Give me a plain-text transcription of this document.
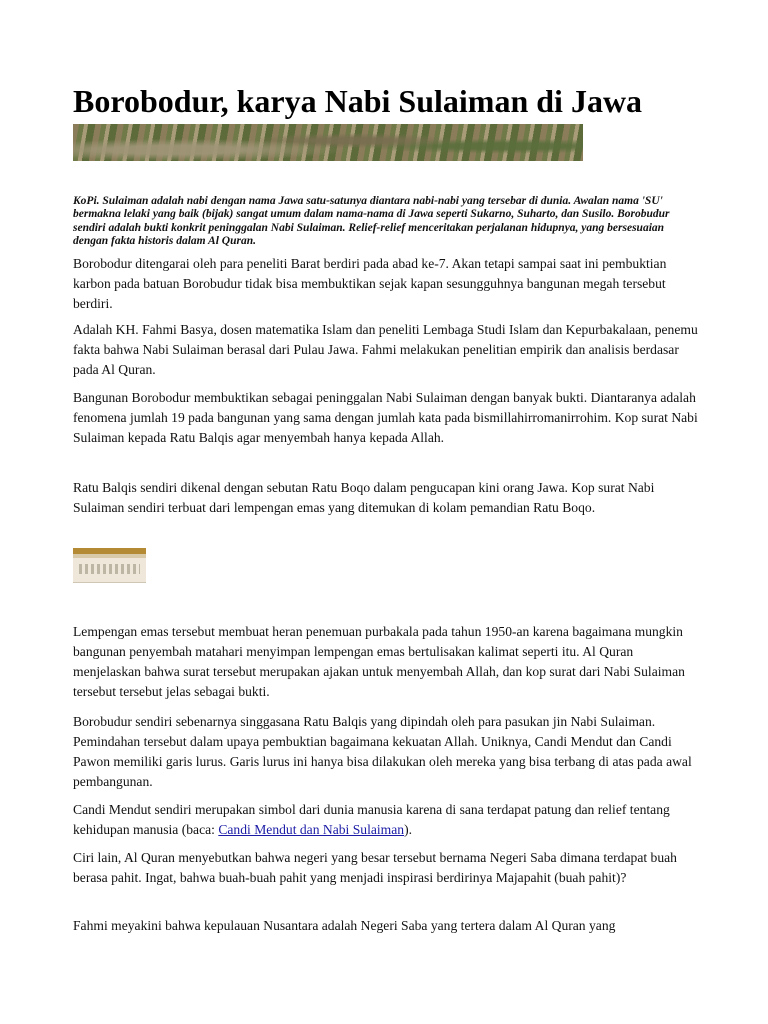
Borobodur, karya Nabi Sulaiman di Jawa

KoPi. Sulaiman adalah nabi dengan nama Jawa satu-satunya diantara nabi-nabi yang tersebar di dunia. Awalan nama 'SU' bermakna lelaki yang baik (bijak) sangat umum dalam nama-nama di Jawa seperti Sukarno, Suharto, dan Susilo. Borobudur sendiri adalah bukti konkrit peninggalan Nabi Sulaiman. Relief-relief menceritakan perjalanan hidupnya, yang bersesuaian dengan fakta historis dalam Al Quran.

Borobodur ditengarai oleh para peneliti Barat berdiri pada abad ke-7. Akan tetapi sampai saat ini pembuktian karbon pada batuan Borobudur tidak bisa membuktikan sejak kapan sesungguhnya bangunan megah tersebut berdiri.

Adalah KH. Fahmi Basya, dosen matematika Islam dan peneliti Lembaga Studi Islam dan Kepurbakalaan, penemu fakta bahwa Nabi Sulaiman berasal dari Pulau Jawa. Fahmi melakukan penelitian empirik dan analisis berdasar pada Al Quran.

Bangunan Borobodur membuktikan sebagai peninggalan Nabi Sulaiman dengan banyak bukti. Diantaranya adalah fenomena jumlah 19 pada bangunan yang sama dengan jumlah kata pada bismillahirromanirrohim. Kop surat Nabi Sulaiman kepada Ratu Balqis agar menyembah hanya kepada Allah.

Ratu Balqis sendiri dikenal dengan sebutan Ratu Boqo dalam pengucapan kini orang Jawa. Kop surat Nabi Sulaiman sendiri terbuat dari lempengan emas yang ditemukan di kolam pemandian Ratu Boqo.

Lempengan emas tersebut membuat heran penemuan purbakala pada tahun 1950-an karena bagaimana mungkin bangunan penyembah matahari menyimpan lempengan emas bertulisakan kalimat seperti itu. Al Quran menjelaskan bahwa surat tersebut merupakan ajakan untuk menyembah Allah, dan kop surat dari Nabi Sulaiman tersebut tersebut jelas sebagai bukti.

Borobudur sendiri sebenarnya singgasana Ratu Balqis yang dipindah oleh para pasukan jin Nabi Sulaiman. Pemindahan tersebut dalam upaya pembuktian bagaimana kekuatan Allah. Uniknya, Candi Mendut dan Candi Pawon memiliki garis lurus. Garis lurus ini hanya bisa dilakukan oleh mereka yang bisa terbang di atas pada awal pembangunan.

Candi Mendut sendiri merupakan simbol dari dunia manusia karena di sana terdapat patung dan relief tentang kehidupan manusia (baca: Candi Mendut dan Nabi Sulaiman).

Ciri lain, Al Quran menyebutkan bahwa negeri yang besar tersebut bernama Negeri Saba dimana terdapat buah berasa pahit. Ingat, bahwa buah-buah pahit yang menjadi inspirasi berdirinya Majapahit (buah pahit)?

Fahmi meyakini bahwa kepulauan Nusantara adalah Negeri Saba yang tertera dalam Al Quran yang
